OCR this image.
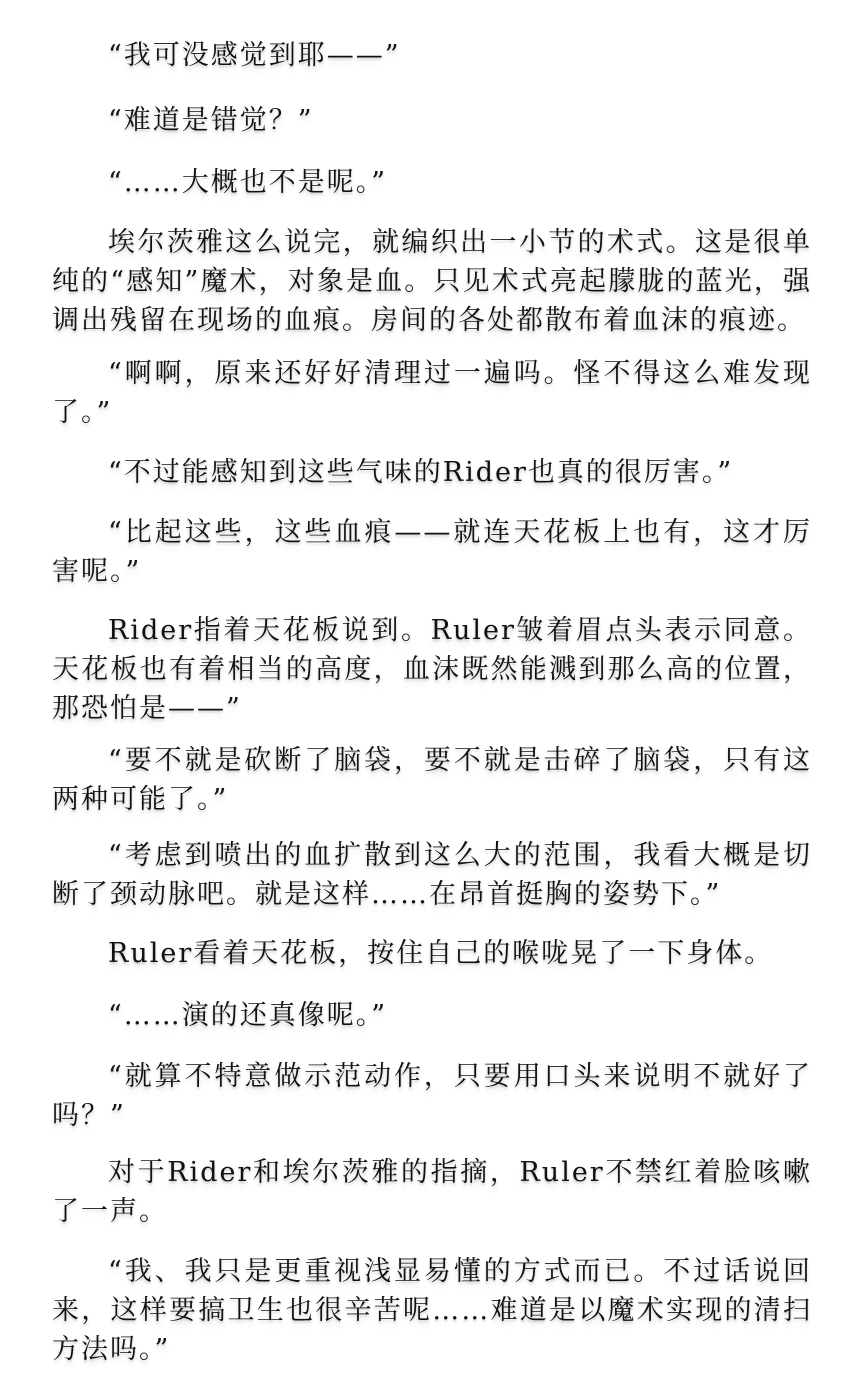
“我可没感觉到耶——”

“难道是错觉？”

“……大概也不是呢。”

埃尔茨雅这么说完，就编织出一小节的术式。这是很单纯的“感知”魔术，对象是血。只见术式亮起朦胧的蓝光，强调出残留在现场的血痕。房间的各处都散布着血沫的痕迹。

“啊啊，原来还好好清理过一遍吗。怪不得这么难发现了。”

“不过能感知到这些气味的Rider也真的很厉害。”

“比起这些，这些血痕——就连天花板上也有，这才厉害呢。”

Rider指着天花板说到。Ruler皱着眉点头表示同意。天花板也有着相当的高度，血沫既然能溅到那么高的位置，那恐怕是——”

“要不就是砍断了脑袋，要不就是击碎了脑袋，只有这两种可能了。”

“考虑到喷出的血扩散到这么大的范围，我看大概是切断了颈动脉吧。就是这样……在昂首挺胸的姿势下。”

Ruler看着天花板，按住自己的喉咙晃了一下身体。

“……演的还真像呢。”

“就算不特意做示范动作，只要用口头来说明不就好了吗？”

对于Rider和埃尔茨雅的指摘，Ruler不禁红着脸咳嗽了一声。

“我、我只是更重视浅显易懂的方式而已。不过话说回来，这样要搞卫生也很辛苦呢……难道是以魔术实现的清扫方法吗。”
